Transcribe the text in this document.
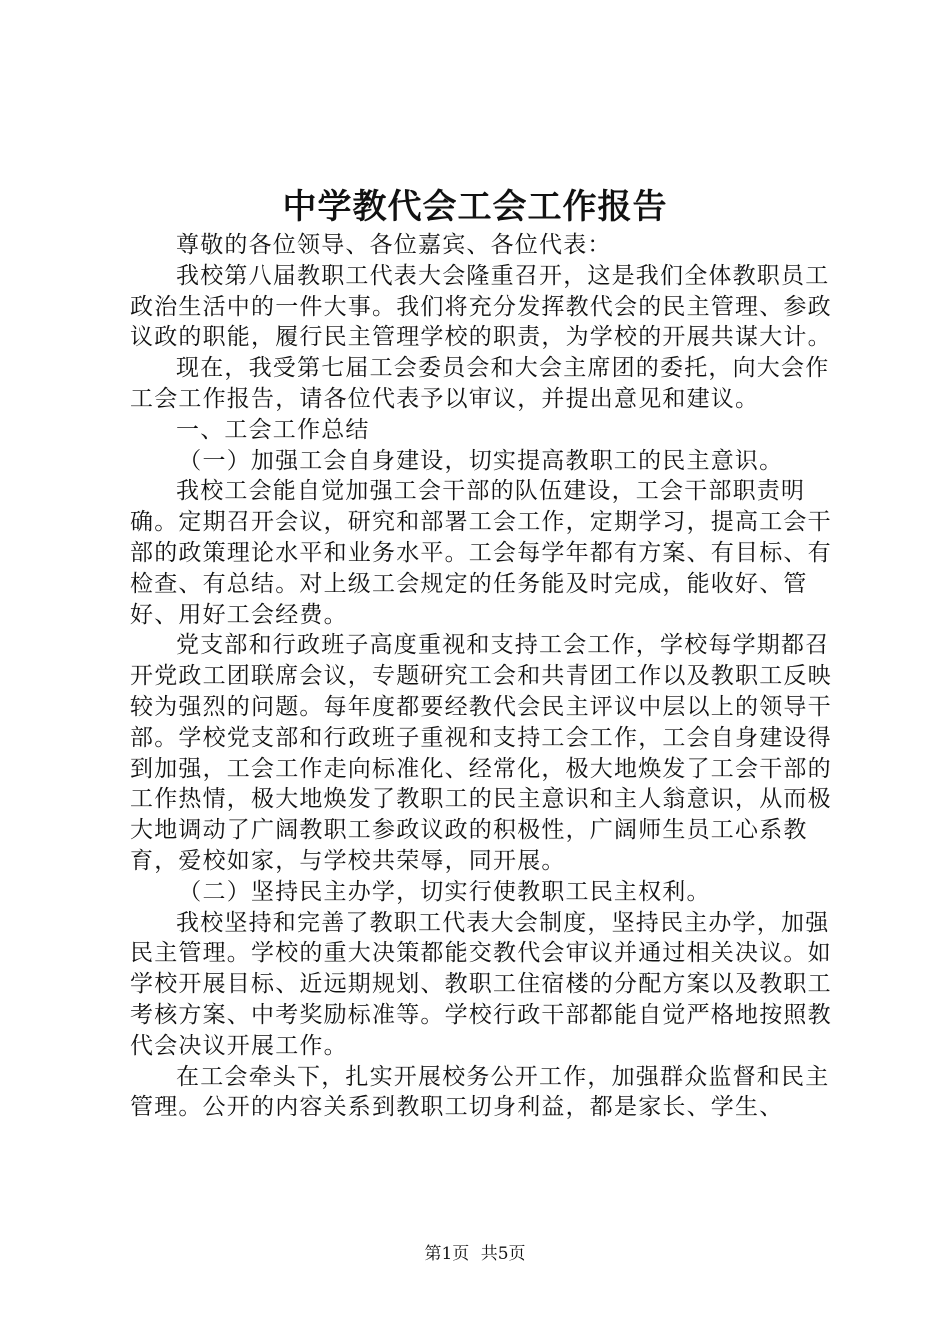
中学教代会工会工作报告

尊敬的各位领导、各位嘉宾、各位代表：

我校第八届教职工代表大会隆重召开，这是我们全体教职员工政治生活中的一件大事。我们将充分发挥教代会的民主管理、参政议政的职能，履行民主管理学校的职责，为学校的开展共谋大计。

现在，我受第七届工会委员会和大会主席团的委托，向大会作工会工作报告，请各位代表予以审议，并提出意见和建议。

一、工会工作总结

（一）加强工会自身建设，切实提高教职工的民主意识。

我校工会能自觉加强工会干部的队伍建设，工会干部职责明确。定期召开会议，研究和部署工会工作，定期学习，提高工会干部的政策理论水平和业务水平。工会每学年都有方案、有目标、有检查、有总结。对上级工会规定的任务能及时完成，能收好、管好、用好工会经费。

党支部和行政班子高度重视和支持工会工作，学校每学期都召开党政工团联席会议，专题研究工会和共青团工作以及教职工反映较为强烈的问题。每年度都要经教代会民主评议中层以上的领导干部。学校党支部和行政班子重视和支持工会工作，工会自身建设得到加强，工会工作走向标准化、经常化，极大地焕发了工会干部的工作热情，极大地焕发了教职工的民主意识和主人翁意识，从而极大地调动了广阔教职工参政议政的积极性，广阔师生员工心系教育，爱校如家，与学校共荣辱，同开展。

（二）坚持民主办学，切实行使教职工民主权利。

我校坚持和完善了教职工代表大会制度，坚持民主办学，加强民主管理。学校的重大决策都能交教代会审议并通过相关决议。如学校开展目标、近远期规划、教职工住宿楼的分配方案以及教职工考核方案、中考奖励标准等。学校行政干部都能自觉严格地按照教代会决议开展工作。

在工会牵头下，扎实开展校务公开工作，加强群众监督和民主管理。公开的内容关系到教职工切身利益，都是家长、学生、

第1页 共5页
